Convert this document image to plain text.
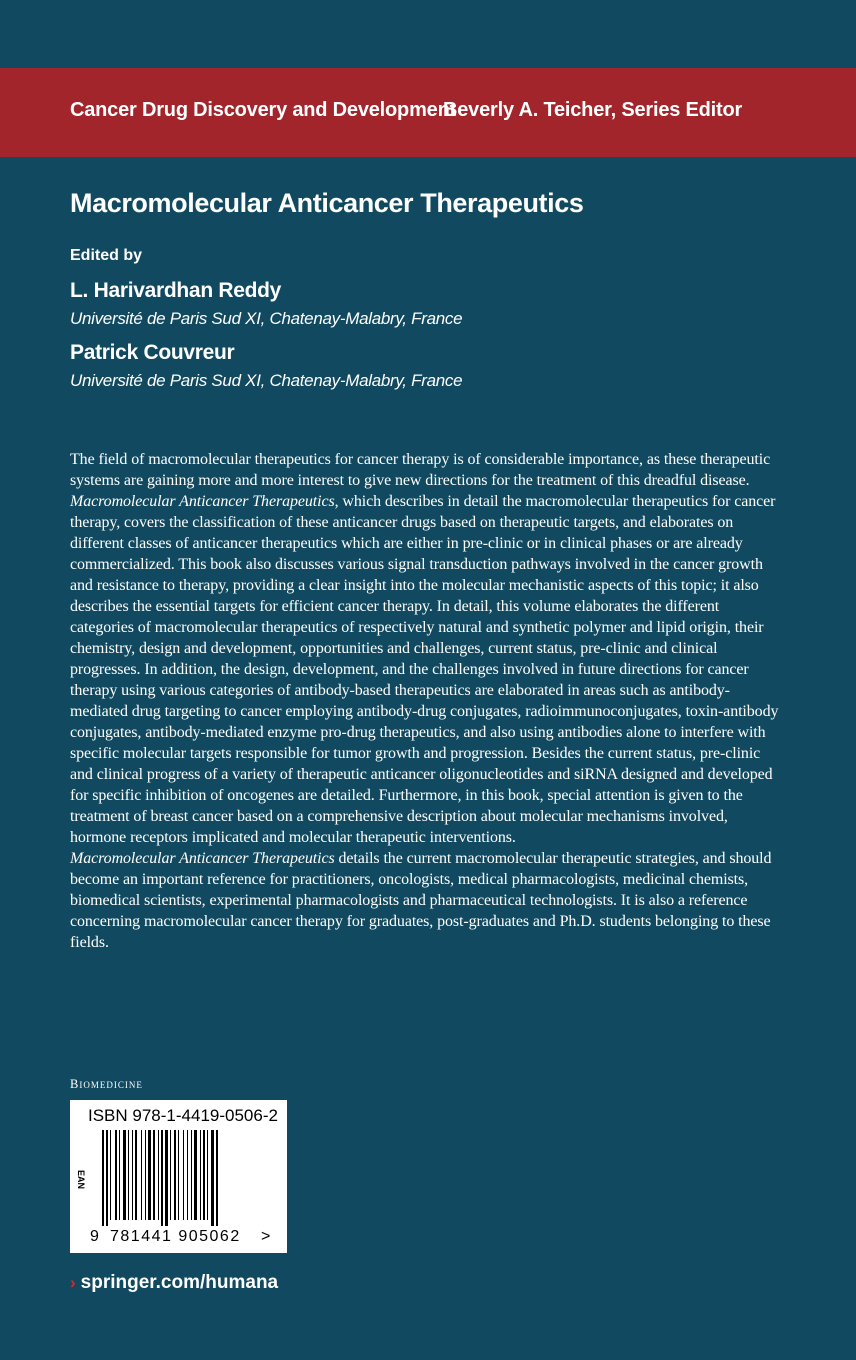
Cancer Drug Discovery and Development
Beverly A. Teicher, Series Editor
Macromolecular Anticancer Therapeutics
Edited by
L. Harivardhan Reddy
Université de Paris Sud XI, Chatenay-Malabry, France
Patrick Couvreur
Université de Paris Sud XI, Chatenay-Malabry, France

The field of macromolecular therapeutics for cancer therapy is of considerable importance, as these therapeutic systems are gaining more and more interest to give new directions for the treatment of this dreadful disease. Macromolecular Anticancer Therapeutics, which describes in detail the macromolecular therapeutics for cancer therapy, covers the classification of these anticancer drugs based on therapeutic targets, and elaborates on different classes of anticancer therapeutics which are either in pre-clinic or in clinical phases or are already commercialized. This book also discusses various signal transduction pathways involved in the cancer growth and resistance to therapy, providing a clear insight into the molecular mechanistic aspects of this topic; it also describes the essential targets for efficient cancer therapy. In detail, this volume elaborates the different categories of macromolecular therapeutics of respectively natural and synthetic polymer and lipid origin, their chemistry, design and development, opportunities and challenges, current status, pre-clinic and clinical progresses. In addition, the design, development, and the challenges involved in future directions for cancer therapy using various categories of antibody-based therapeutics are elaborated in areas such as antibody-mediated drug targeting to cancer employing antibody-drug conjugates, radioimmunoconjugates, toxin-antibody conjugates, antibody-mediated enzyme pro-drug therapeutics, and also using antibodies alone to interfere with specific molecular targets responsible for tumor growth and progression. Besides the current status, pre-clinic and clinical progress of a variety of therapeutic anticancer oligonucleotides and siRNA designed and developed for specific inhibition of oncogenes are detailed. Furthermore, in this book, special attention is given to the treatment of breast cancer based on a comprehensive description about molecular mechanisms involved, hormone receptors implicated and molecular therapeutic interventions.

Macromolecular Anticancer Therapeutics details the current macromolecular therapeutic strategies, and should become an important reference for practitioners, oncologists, medical pharmacologists, medicinal chemists, biomedical scientists, experimental pharmacologists and pharmaceutical technologists. It is also a reference concerning macromolecular cancer therapy for graduates, post-graduates and Ph.D. students belonging to these fields.

Biomedicine
ISBN 978-1-4419-0506-2
EAN
9 781441 905062 >
› springer.com/humana
